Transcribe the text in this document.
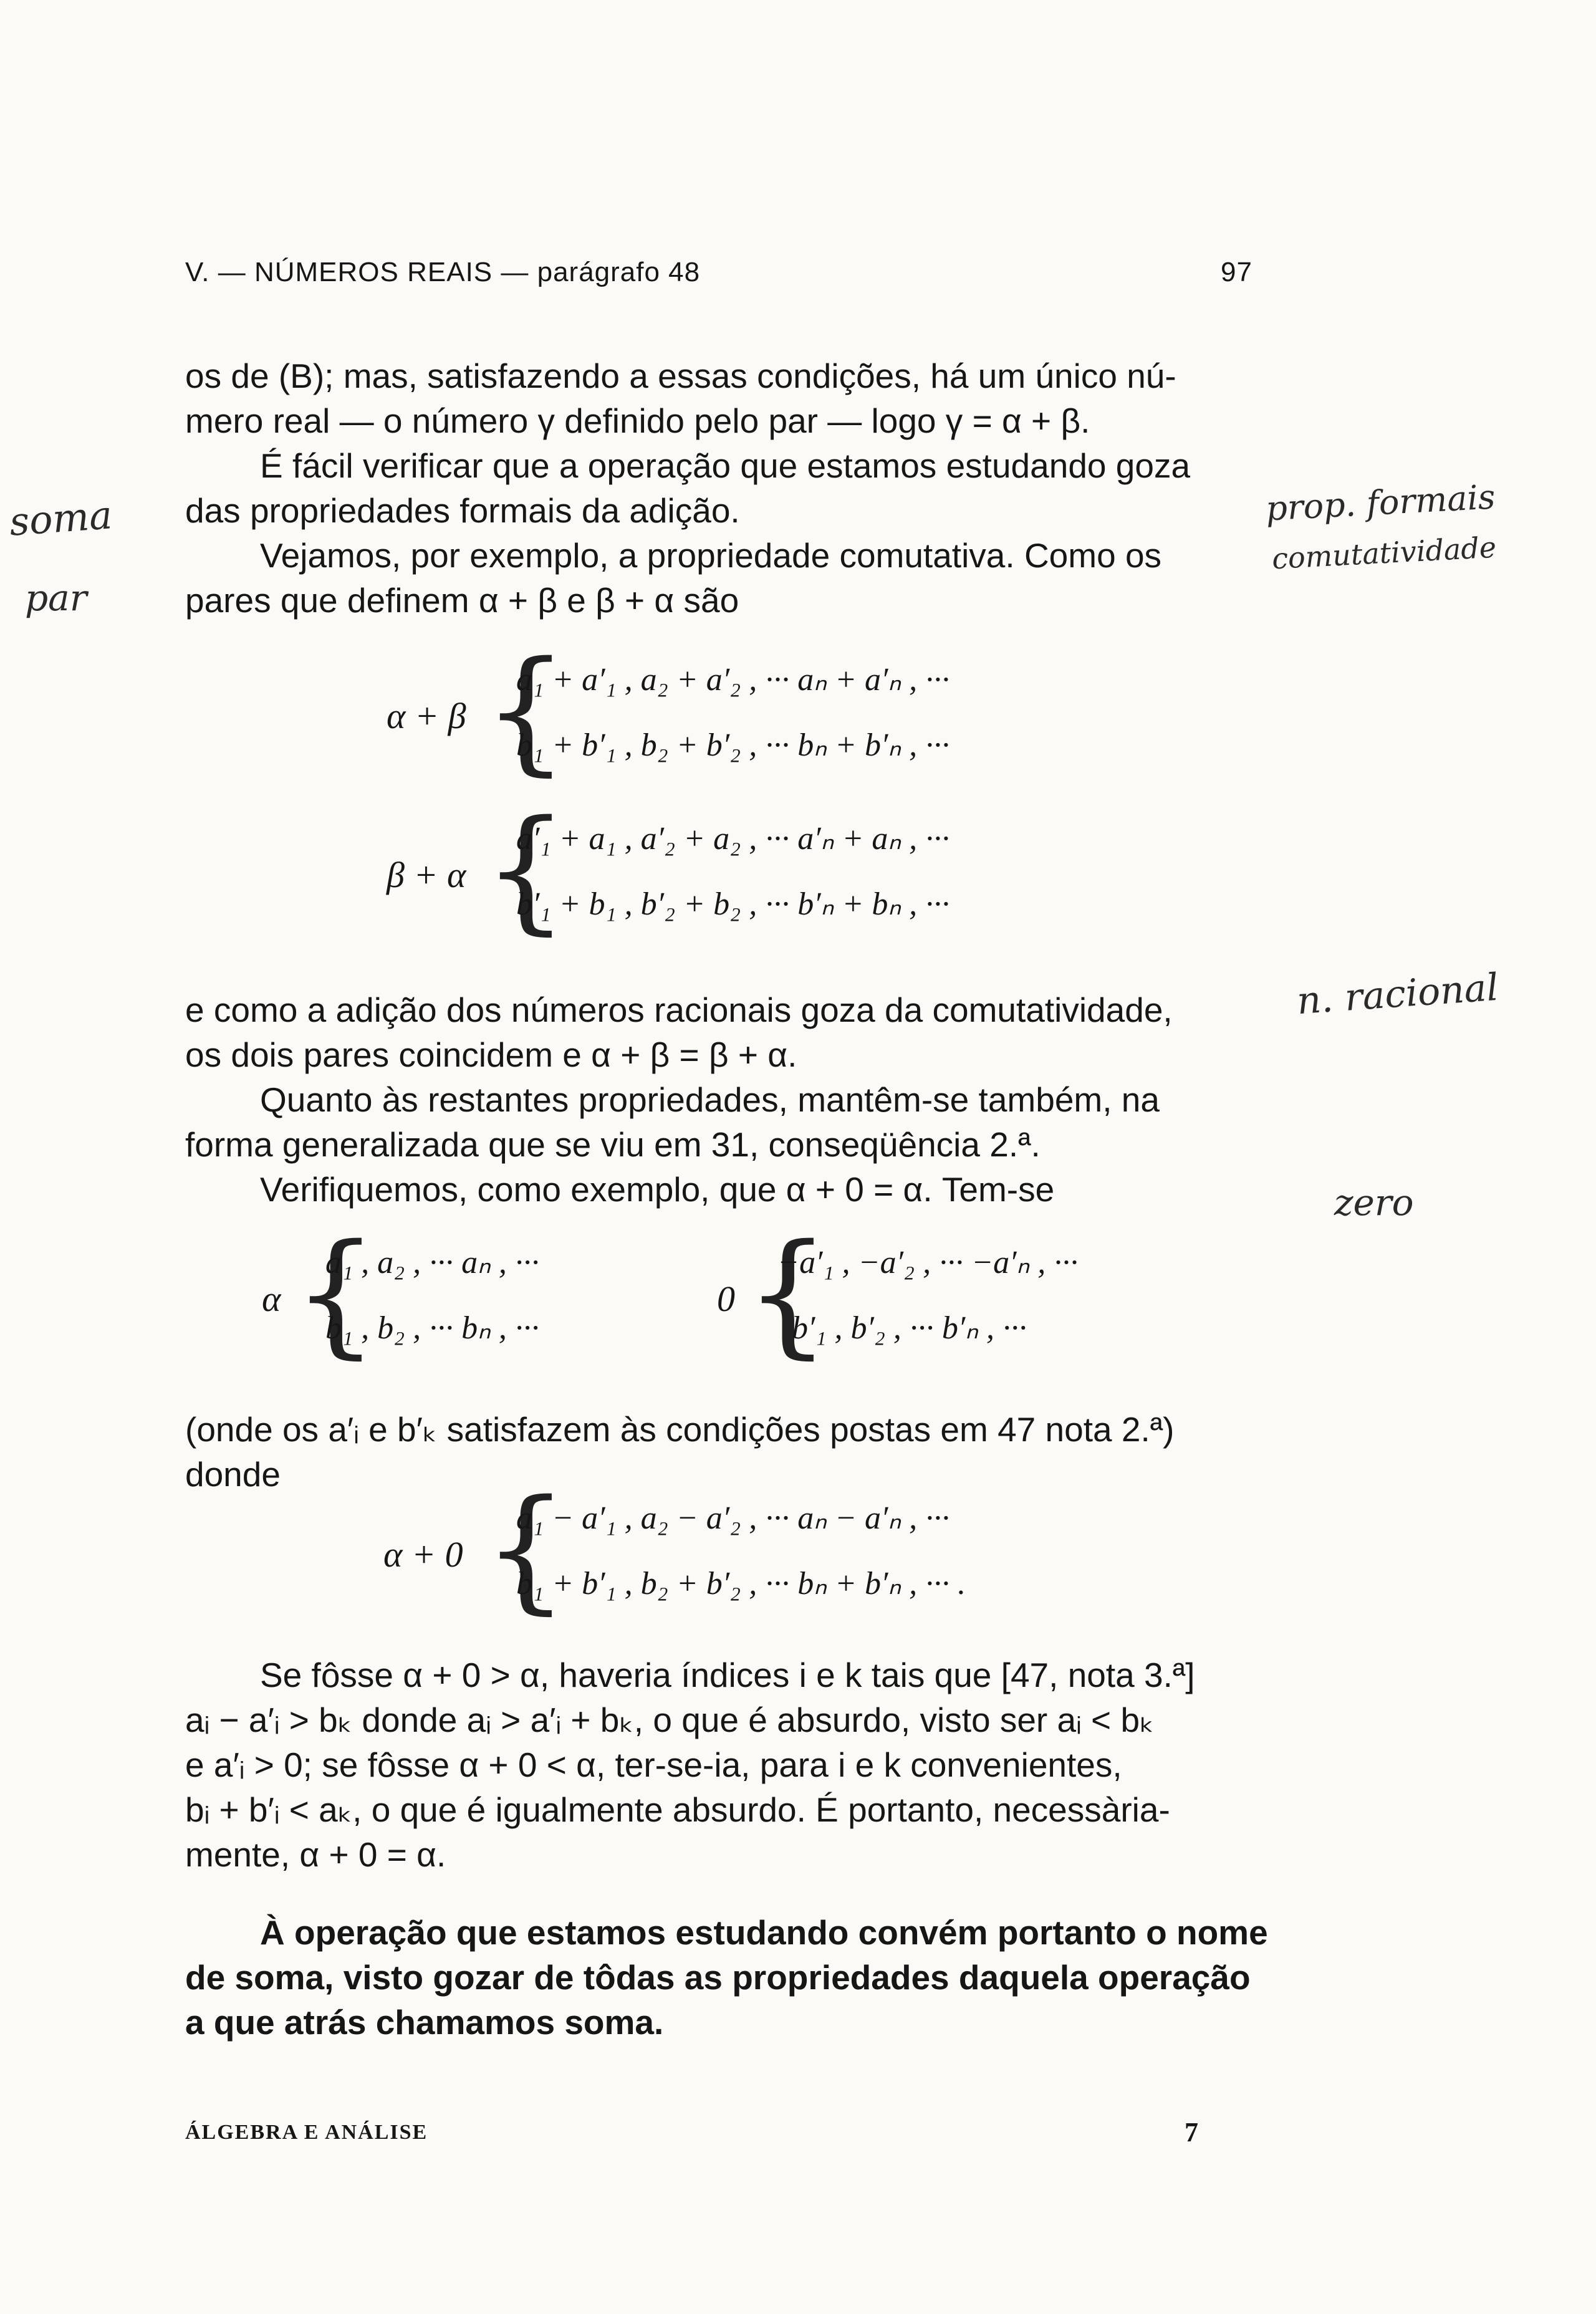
V. — NÚMEROS REAIS — parágrafo 48	97
soma
par
prop. formais
comutatividade
n. racional
zero
os de (B); mas, satisfazendo a essas condições, há um único nú-
mero real — o número γ definido pelo par — logo γ = α + β.
É fácil verificar que a operação que estamos estudando goza
das propriedades formais da adição.
Vejamos, por exemplo, a propriedade comutativa. Como os
pares que definem α + β e β + α são
α + β {
a₁ + a′₁ , a₂ + a′₂ , ··· aₙ + a′ₙ , ···
b₁ + b′₁ , b₂ + b′₂ , ··· bₙ + b′ₙ , ···
β + α {
a′₁ + a₁ , a′₂ + a₂ , ··· a′ₙ + aₙ , ···
b′₁ + b₁ , b′₂ + b₂ , ··· b′ₙ + bₙ , ···
e como a adição dos números racionais goza da comutatividade,
os dois pares coincidem e α + β = β + α.
Quanto às restantes propriedades, mantêm-se também, na
forma generalizada que se viu em 31, conseqüência 2.ª.
Verifiquemos, como exemplo, que α + 0 = α. Tem-se
α {
a₁ , a₂ , ··· aₙ , ···
b₁ , b₂ , ··· bₙ , ···
0 {
−a′₁ , −a′₂ , ··· −a′ₙ , ···
b′₁ , b′₂ , ··· b′ₙ , ···
(onde os a′ᵢ e b′ₖ satisfazem às condições postas em 47 nota 2.ª)
donde
α + 0 {
a₁ − a′₁ , a₂ − a′₂ , ··· aₙ − a′ₙ , ···
b₁ + b′₁ , b₂ + b′₂ , ··· bₙ + b′ₙ , ··· .
Se fôsse α + 0 > α, haveria índices i e k tais que [47, nota 3.ª]
aᵢ − a′ᵢ > bₖ donde aᵢ > a′ᵢ + bₖ, o que é absurdo, visto ser aᵢ < bₖ
e a′ᵢ > 0; se fôsse α + 0 < α, ter-se-ia, para i e k convenientes,
bᵢ + b′ᵢ < aₖ, o que é igualmente absurdo. É portanto, necessària-
mente, α + 0 = α.
À operação que estamos estudando convém portanto o nome
de soma, visto gozar de tôdas as propriedades daquela operação
a que atrás chamamos soma.
ÁLGEBRA E ANÁLISE	7
